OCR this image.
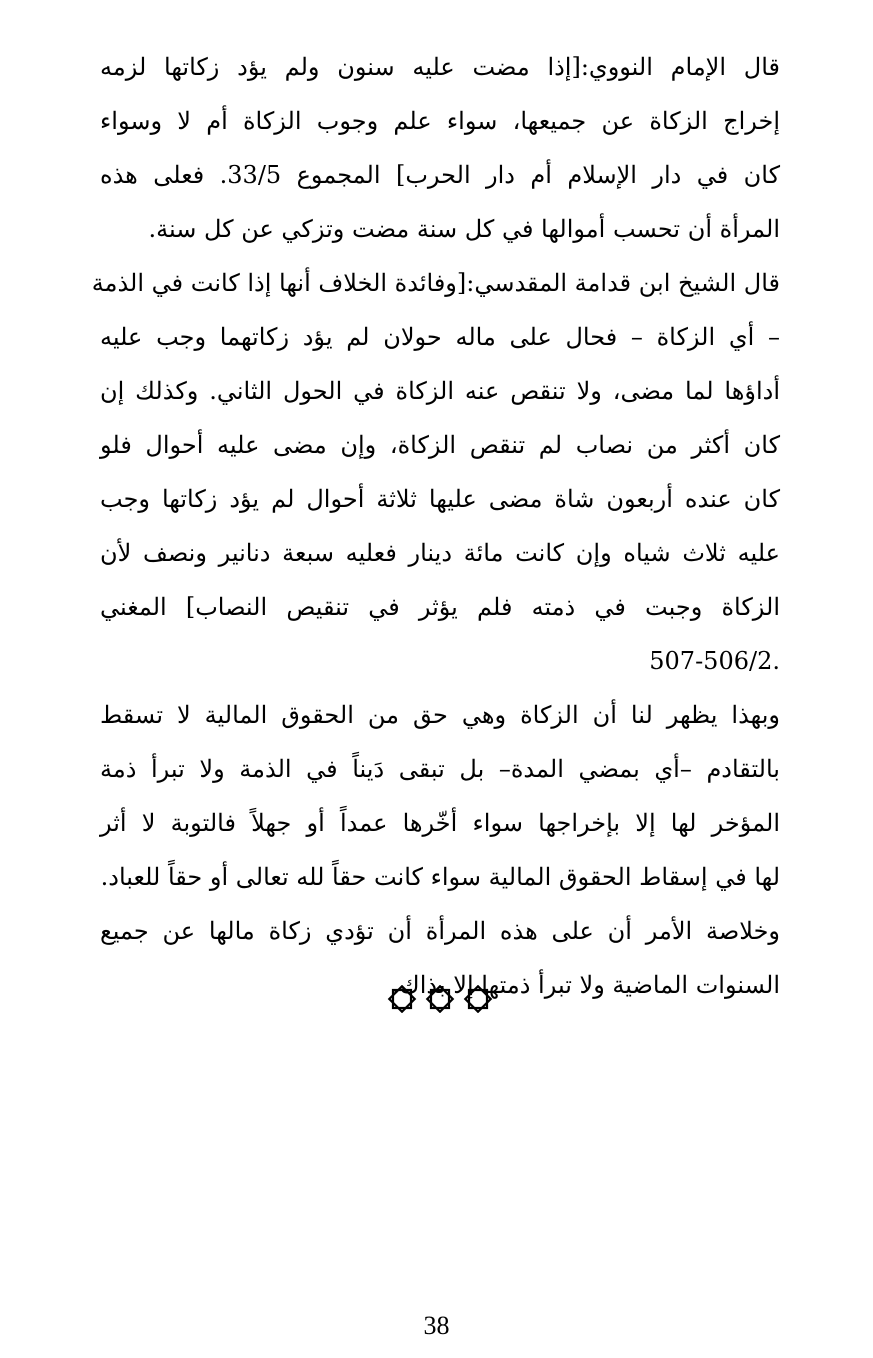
قال الإمام النووي:[إذا مضت عليه سنون ولم يؤد زكاتها لزمه
إخراج الزكاة عن جميعها، سواء علم وجوب الزكاة أم لا وسواء
كان في دار الإسلام أم دار الحرب] المجموع 33/5. فعلى هذه
المرأة أن تحسب أموالها في كل سنة مضت وتزكي عن كل سنة.
قال الشيخ ابن قدامة المقدسي:[وفائدة الخلاف أنها إذا كانت في الذمة
– أي الزكاة – فحال على ماله حولان لم يؤد زكاتهما وجب عليه
أداؤها لما مضى، ولا تنقص عنه الزكاة في الحول الثاني. وكذلك إن
كان أكثر من نصاب لم تنقص الزكاة، وإن مضى عليه أحوال فلو
كان عنده أربعون شاة مضى عليها ثلاثة أحوال لم يؤد زكاتها وجب
عليه ثلاث شياه وإن كانت مائة دينار فعليه سبعة دنانير ونصف لأن
الزكاة وجبت في ذمته فلم يؤثر في تنقيص النصاب] المغني
.507-506/2
وبهذا يظهر لنا أن الزكاة وهي حق من الحقوق المالية لا تسقط
بالتقادم –أي بمضي المدة– بل تبقى دَيناً في الذمة ولا تبرأ ذمة
المؤخر لها إلا بإخراجها سواء أخّرها عمداً أو جهلاً فالتوبة لا أثر
لها في إسقاط الحقوق المالية سواء كانت حقاً لله تعالى أو حقاً للعباد.
وخلاصة الأمر أن على هذه المرأة أن تؤدي زكاة مالها عن جميع
السنوات الماضية ولا تبرأ ذمتها إلا بذاك.
38
